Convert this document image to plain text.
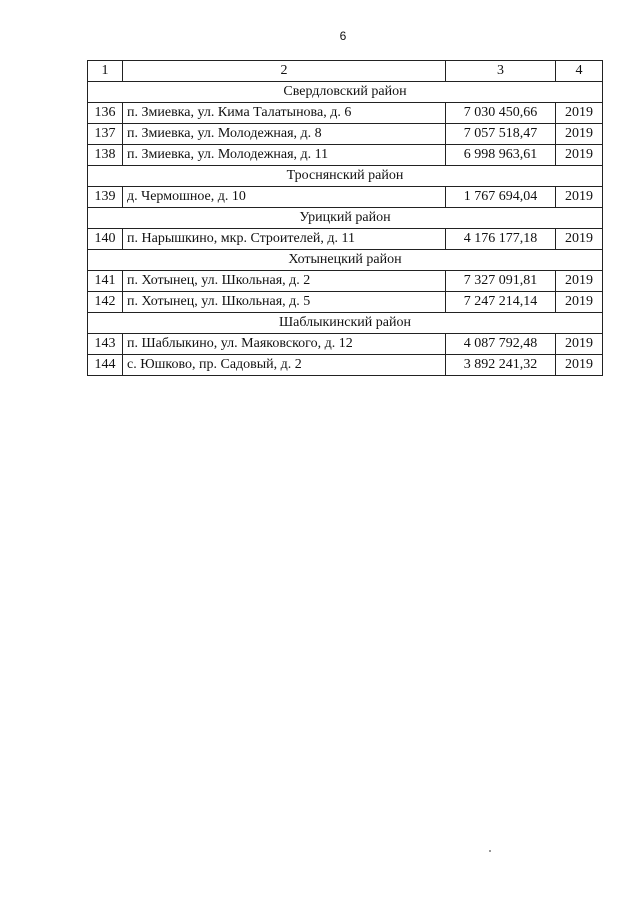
6
1	2	3	4
Свердловский район			
136	п. Змиевка, ул. Кима Талатынова, д. 6	7 030 450,66	2019
137	п. Змиевка, ул. Молодежная, д. 8	7 057 518,47	2019
138	п. Змиевка, ул. Молодежная, д. 11	6 998 963,61	2019
Троснянский район			
139	д. Чермошное, д. 10	1 767 694,04	2019
Урицкий район			
140	п. Нарышкино, мкр. Строителей, д. 11	4 176 177,18	2019
Хотынецкий район			
141	п. Хотынец, ул. Школьная, д. 2	7 327 091,81	2019
142	п. Хотынец, ул. Школьная, д. 5	7 247 214,14	2019
Шаблыкинский район			
143	п. Шаблыкино, ул. Маяковского, д. 12	4 087 792,48	2019
144	с. Юшково, пр. Садовый, д. 2	3 892 241,32	2019
